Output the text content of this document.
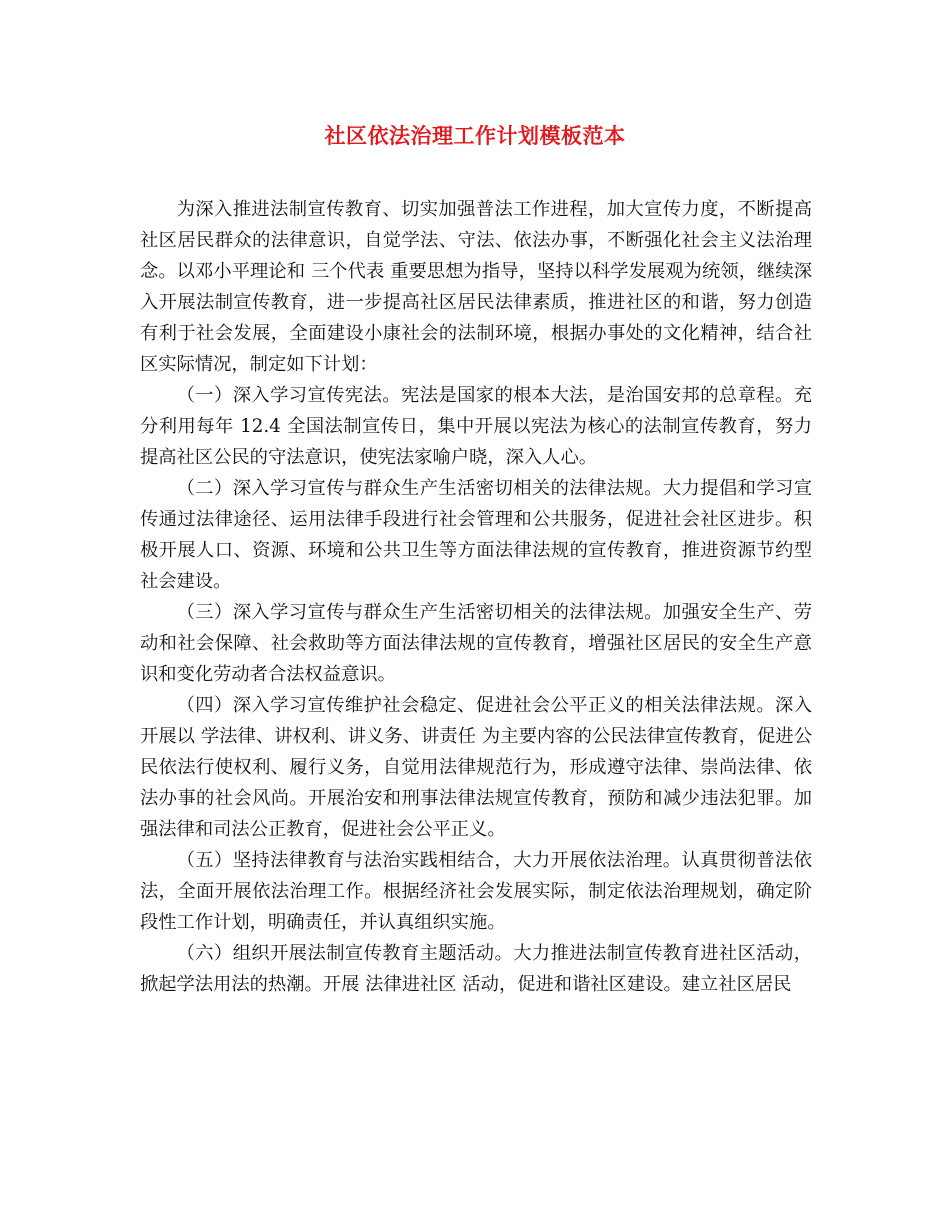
社区依法治理工作计划模板范本

为深入推进法制宣传教育、切实加强普法工作进程，加大宣传力度，不断提高社区居民群众的法律意识，自觉学法、守法、依法办事，不断强化社会主义法治理念。以邓小平理论和 三个代表 重要思想为指导，坚持以科学发展观为统领，继续深入开展法制宣传教育，进一步提高社区居民法律素质，推进社区的和谐，努力创造有利于社会发展，全面建设小康社会的法制环境，根据办事处的文化精神，结合社区实际情况，制定如下计划：

（一）深入学习宣传宪法。宪法是国家的根本大法，是治国安邦的总章程。充分利用每年 12.4 全国法制宣传日，集中开展以宪法为核心的法制宣传教育，努力提高社区公民的守法意识，使宪法家喻户晓，深入人心。

（二）深入学习宣传与群众生产生活密切相关的法律法规。大力提倡和学习宣传通过法律途径、运用法律手段进行社会管理和公共服务，促进社会社区进步。积极开展人口、资源、环境和公共卫生等方面法律法规的宣传教育，推进资源节约型社会建设。

（三）深入学习宣传与群众生产生活密切相关的法律法规。加强安全生产、劳动和社会保障、社会救助等方面法律法规的宣传教育，增强社区居民的安全生产意识和变化劳动者合法权益意识。

（四）深入学习宣传维护社会稳定、促进社会公平正义的相关法律法规。深入开展以 学法律、讲权利、讲义务、讲责任 为主要内容的公民法律宣传教育，促进公民依法行使权利、履行义务，自觉用法律规范行为，形成遵守法律、崇尚法律、依法办事的社会风尚。开展治安和刑事法律法规宣传教育，预防和减少违法犯罪。加强法律和司法公正教育，促进社会公平正义。

（五）坚持法律教育与法治实践相结合，大力开展依法治理。认真贯彻普法依法，全面开展依法治理工作。根据经济社会发展实际，制定依法治理规划，确定阶段性工作计划，明确责任，并认真组织实施。

（六）组织开展法制宣传教育主题活动。大力推进法制宣传教育进社区活动，掀起学法用法的热潮。开展 法律进社区 活动，促进和谐社区建设。建立社区居民
